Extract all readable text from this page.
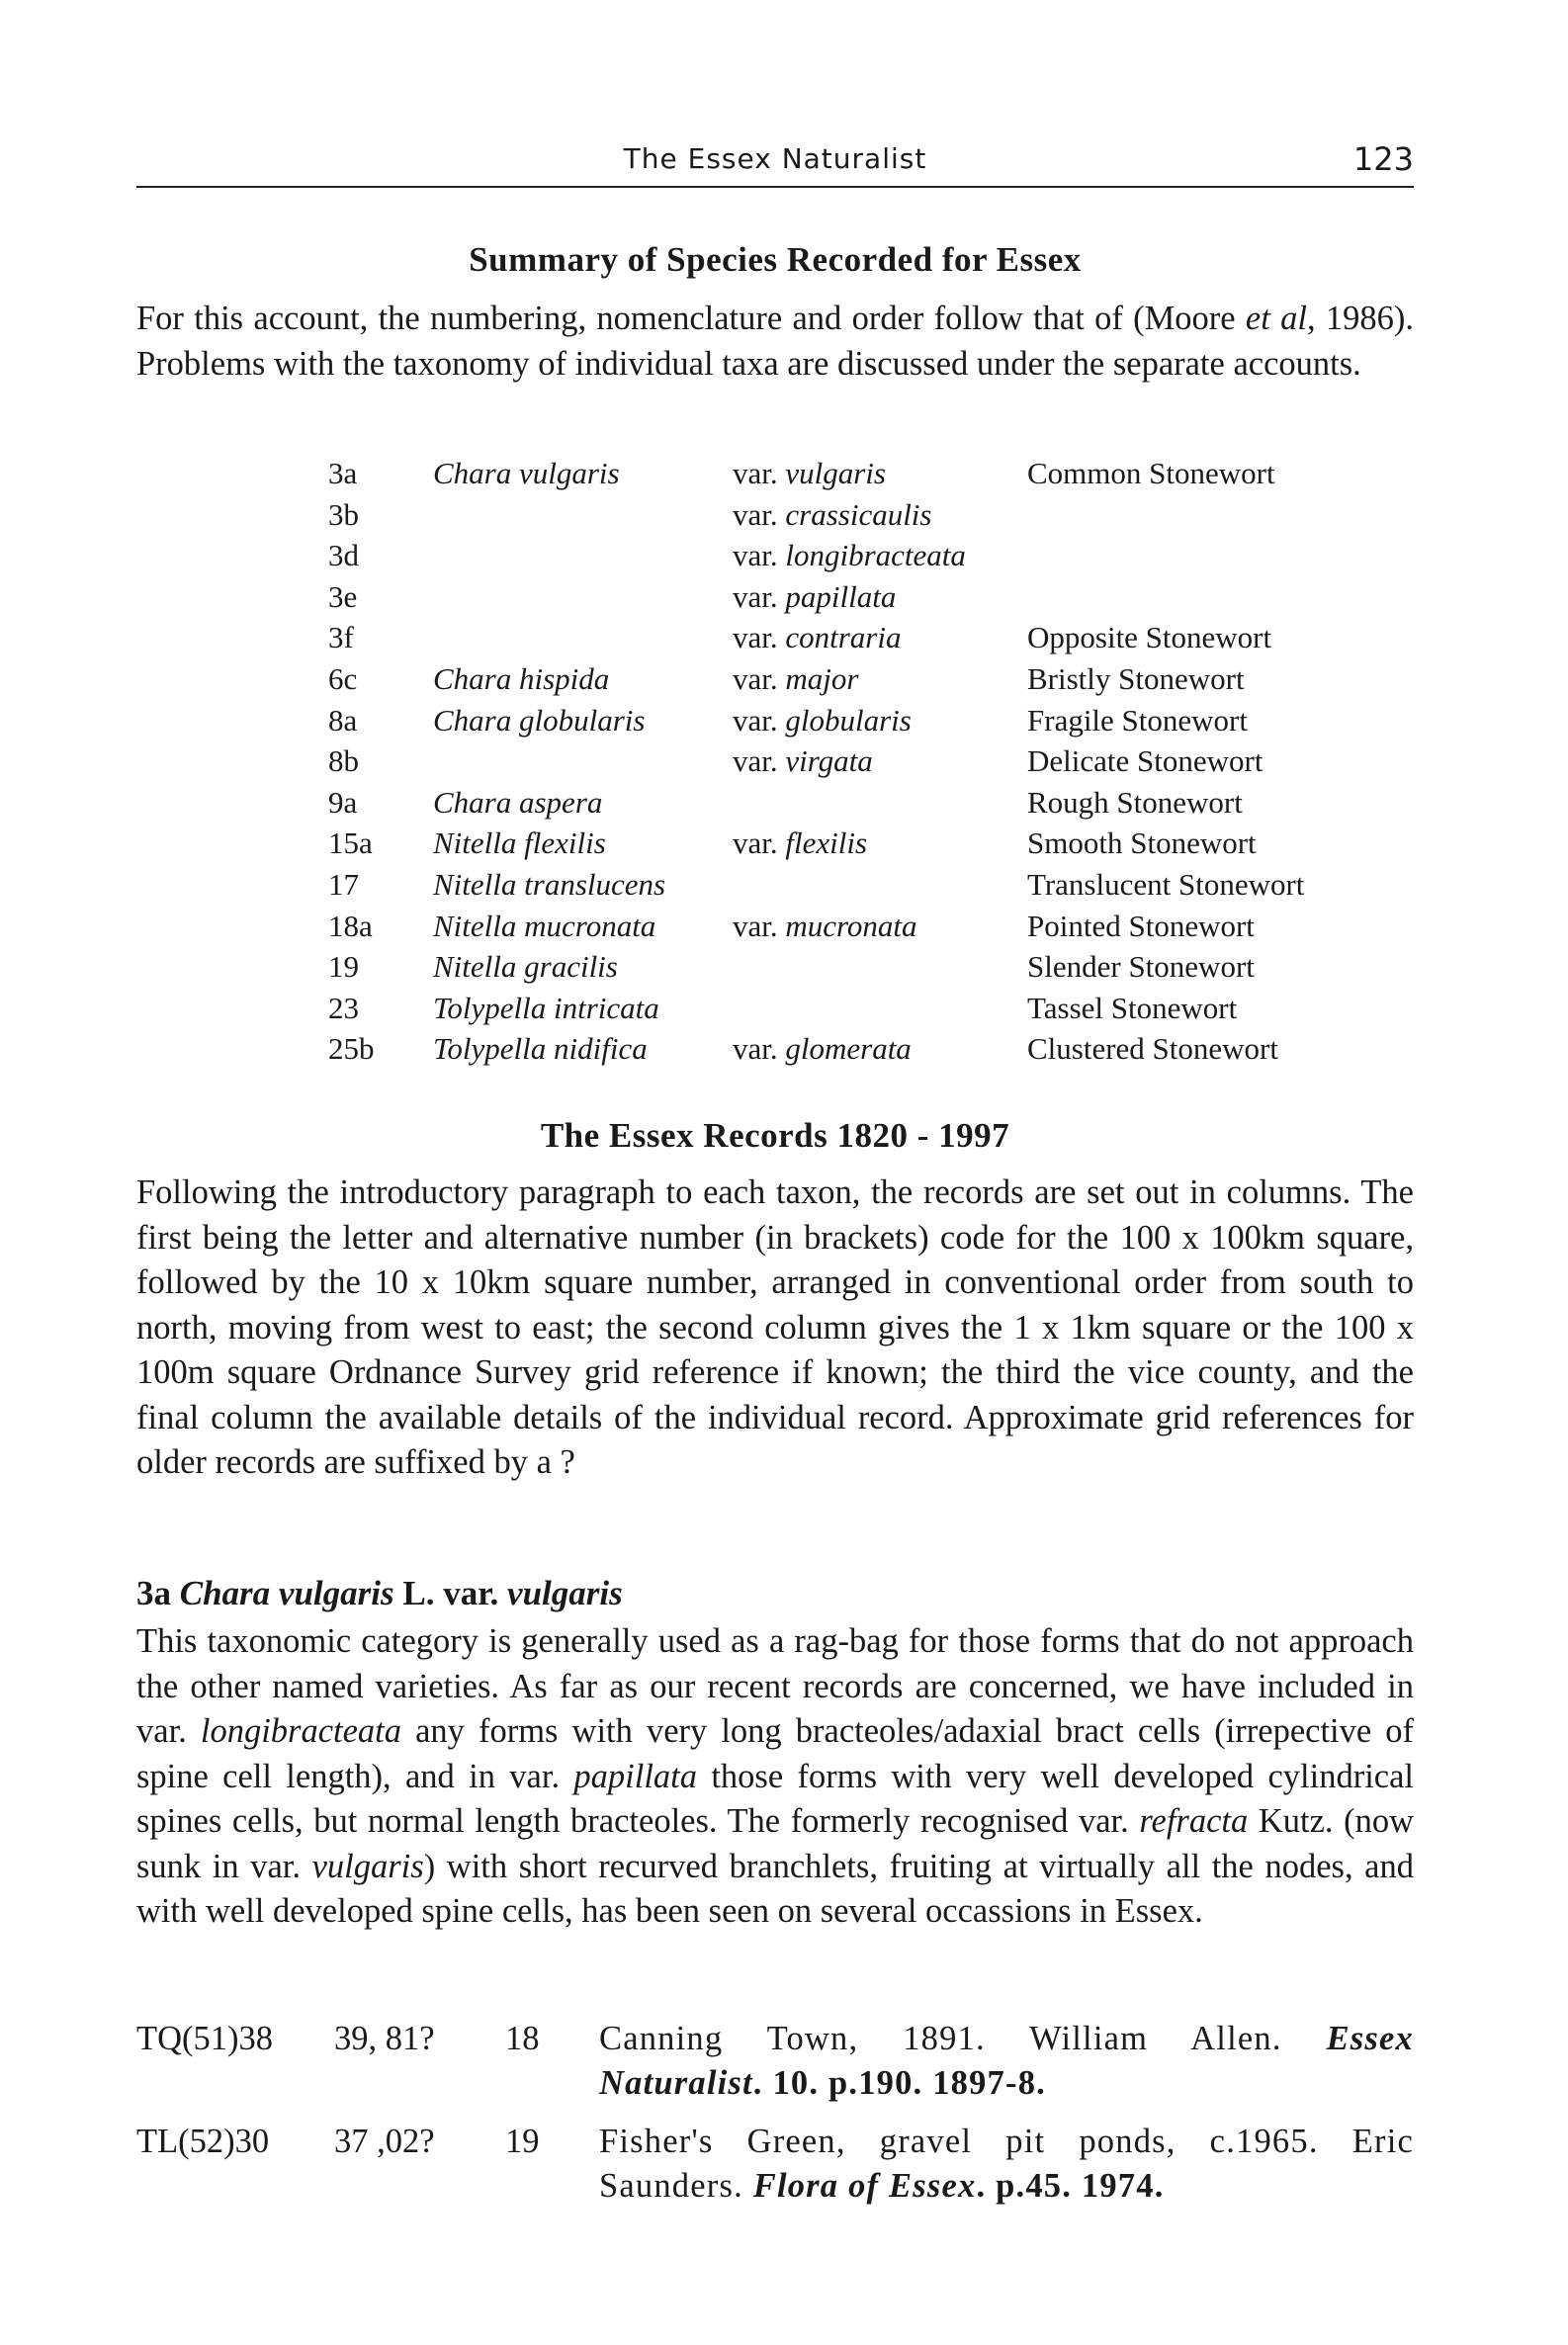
The Essex Naturalist	123
Summary of Species Recorded for Essex

For this account, the numbering, nomenclature and order follow that of (Moore et al, 1986). Problems with the taxonomy of individual taxa are discussed under the separate accounts.

3a	Chara vulgaris	var. vulgaris	Common Stonewort
3b		var. crassicaulis	
3d		var. longibracteata	
3e		var. papillata	
3f		var. contraria	Opposite Stonewort
6c	Chara hispida	var. major	Bristly Stonewort
8a	Chara globularis	var. globularis	Fragile Stonewort
8b		var. virgata	Delicate Stonewort
9a	Chara aspera		Rough Stonewort
15a	Nitella flexilis	var. flexilis	Smooth Stonewort
17	Nitella translucens		Translucent Stonewort
18a	Nitella mucronata	var. mucronata	Pointed Stonewort
19	Nitella gracilis		Slender Stonewort
23	Tolypella intricata		Tassel Stonewort
25b	Tolypella nidifica	var. glomerata	Clustered Stonewort
The Essex Records 1820 - 1997

Following the introductory paragraph to each taxon, the records are set out in columns. The first being the letter and alternative number (in brackets) code for the 100 x 100km square, followed by the 10 x 10km square number, arranged in conventional order from south to north, moving from west to east; the second column gives the 1 x 1km square or the 100 x 100m square Ordnance Survey grid reference if known; the third the vice county, and the final column the available details of the individual record. Approximate grid references for older records are suffixed by a ?

3a Chara vulgaris L. var. vulgaris

This taxonomic category is generally used as a rag-bag for those forms that do not approach the other named varieties. As far as our recent records are concerned, we have included in var. longibracteata any forms with very long bracteoles/adaxial bract cells (irrepective of spine cell length), and in var. papillata those forms with very well developed cylindrical spines cells, but normal length bracteoles. The formerly recognised var. refracta Kutz. (now sunk in var. vulgaris) with short recurved branchlets, fruiting at virtually all the nodes, and with well developed spine cells, has been seen on several occassions in Essex.

TQ(51)38	39, 81?	18	Canning Town, 1891. William Allen. Essex Naturalist. 10. p.190. 1897-8.
TL(52)30	37 ,02?	19	Fisher's Green, gravel pit ponds, c.1965. Eric Saunders. Flora of Essex. p.45. 1974.
